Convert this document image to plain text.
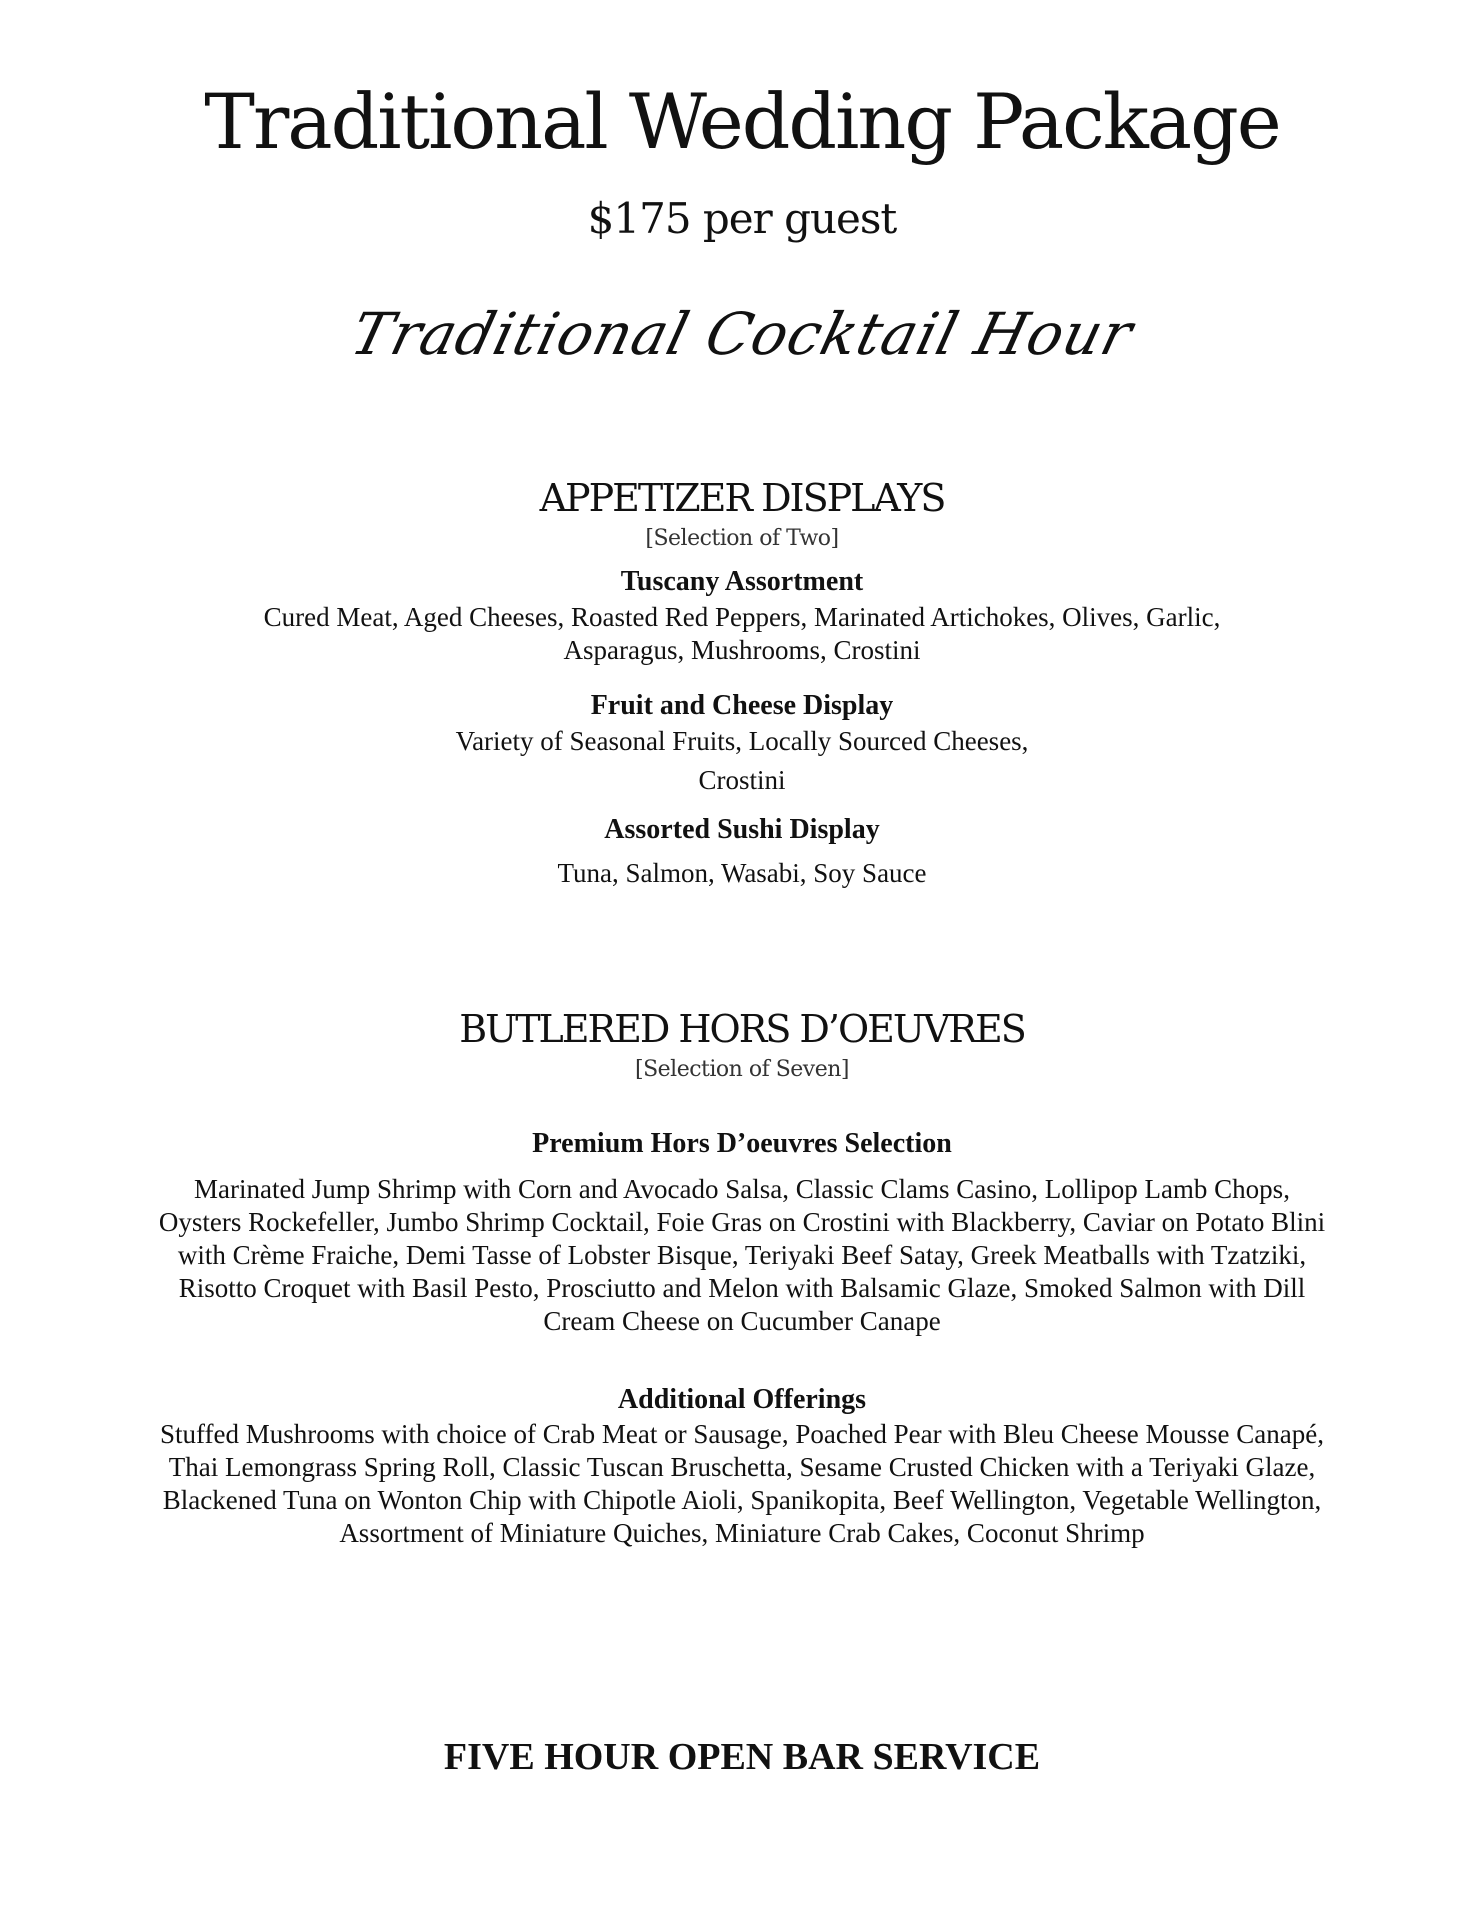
Traditional Wedding Package
$175 per guest
Traditional Cocktail Hour
APPETIZER DISPLAYS
[Selection of Two]
Tuscany Assortment
Cured Meat, Aged Cheeses, Roasted Red Peppers, Marinated Artichokes, Olives, Garlic,
Asparagus, Mushrooms, Crostini
Fruit and Cheese Display
Variety of Seasonal Fruits, Locally Sourced Cheeses,
Crostini
Assorted Sushi Display
Tuna, Salmon, Wasabi, Soy Sauce
BUTLERED HORS D’OEUVRES
[Selection of Seven]
Premium Hors D’oeuvres Selection
Marinated Jump Shrimp with Corn and Avocado Salsa, Classic Clams Casino, Lollipop Lamb Chops,
Oysters Rockefeller, Jumbo Shrimp Cocktail, Foie Gras on Crostini with Blackberry, Caviar on Potato Blini
with Crème Fraiche, Demi Tasse of Lobster Bisque, Teriyaki Beef Satay, Greek Meatballs with Tzatziki,
Risotto Croquet with Basil Pesto, Prosciutto and Melon with Balsamic Glaze, Smoked Salmon with Dill
Cream Cheese on Cucumber Canape
Additional Offerings
Stuffed Mushrooms with choice of Crab Meat or Sausage, Poached Pear with Bleu Cheese Mousse Canapé,
Thai Lemongrass Spring Roll, Classic Tuscan Bruschetta, Sesame Crusted Chicken with a Teriyaki Glaze,
Blackened Tuna on Wonton Chip with Chipotle Aioli, Spanikopita, Beef Wellington, Vegetable Wellington,
Assortment of Miniature Quiches, Miniature Crab Cakes, Coconut Shrimp
FIVE HOUR OPEN BAR SERVICE
